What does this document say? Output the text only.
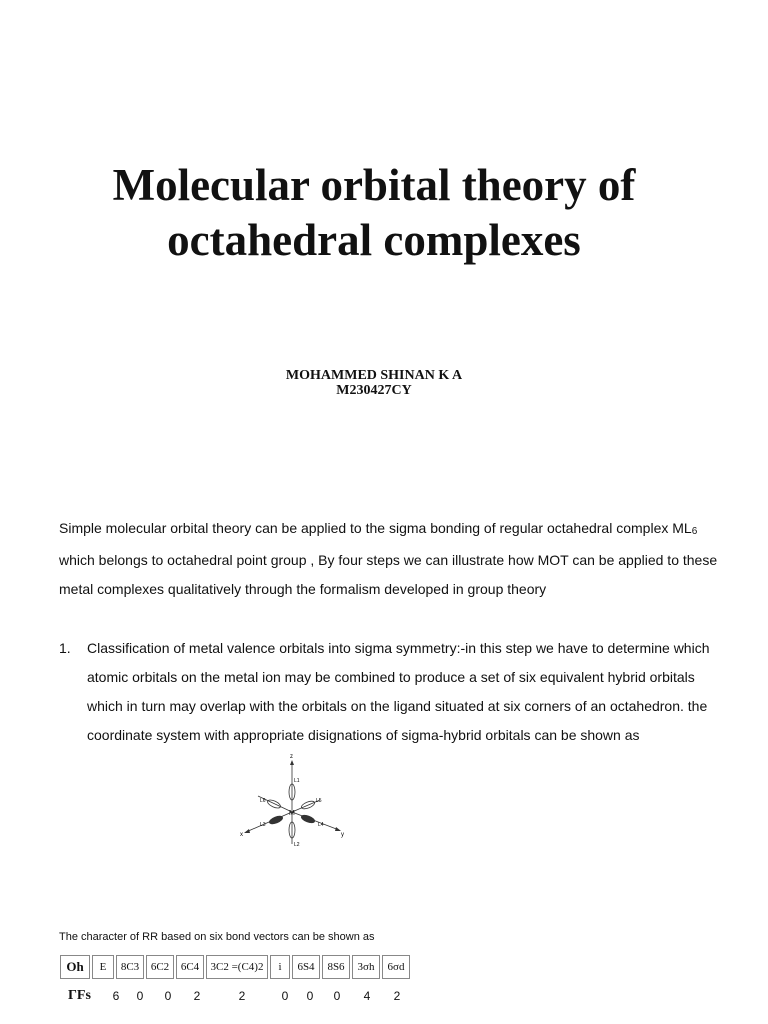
Molecular orbital theory of
octahedral complexes
MOHAMMED SHINAN K A
M230427CY
Simple molecular orbital theory can be applied to the sigma bonding of regular octahedral complex $ML_6$ which belongs to octahedral point group , By four steps we can illustrate how MOT can be applied to these metal complexes qualitatively through the formalism developed in group theory
1. Classification of metal valence orbitals into sigma symmetry:-in this step we have to determine which atomic orbitals on the metal ion may be combined to produce a set of six equivalent hybrid orbitals which in turn may overlap with the orbitals on the ligand situated at six corners of an octahedron. the coordinate system with appropriate disignations of sigma-hybrid orbitals can be shown as
z
x	y
M
L1
L2
L3	L4
L5
L6
The character of RR based on six bond vectors can be shown as
Oh	E	8C3	6C2	6C4	3C2 =(C4)2	i	6S4	8S6	3σh	6σd
ΓFs	6	0	0	2	2	0	0	0	4	2
